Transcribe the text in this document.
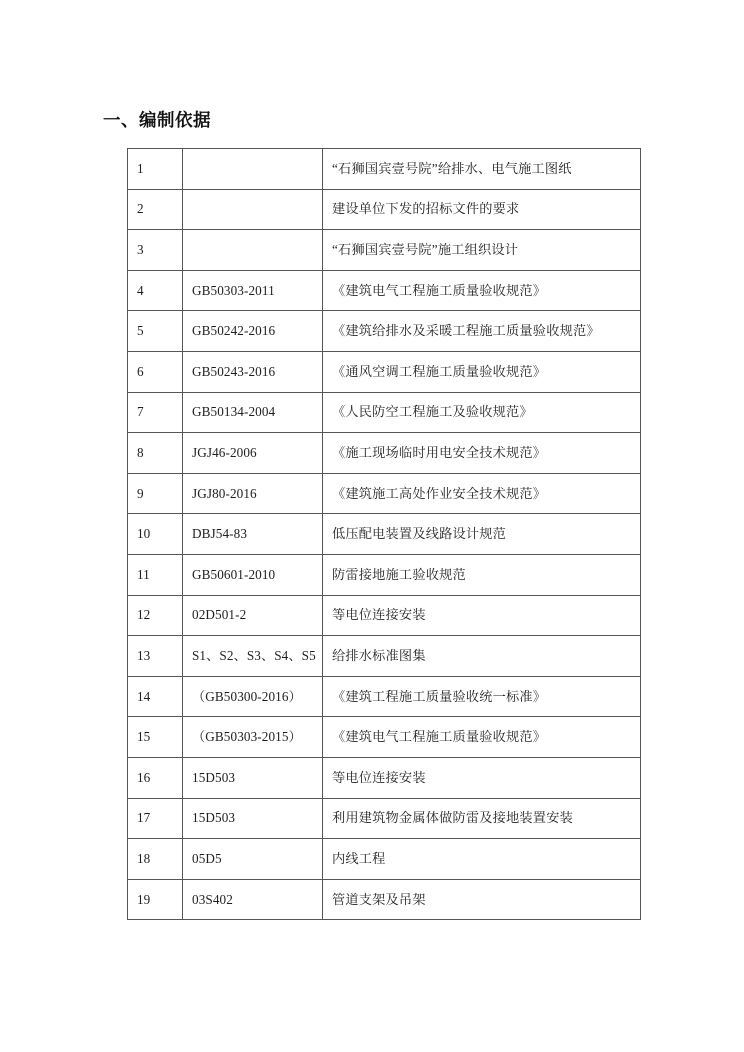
一、编制依据
1		“石狮国宾壹号院”给排水、电气施工图纸
2		建设单位下发的招标文件的要求
3		“石狮国宾壹号院”施工组织设计
4	GB50303-2011	《建筑电气工程施工质量验收规范》
5	GB50242-2016	《建筑给排水及采暖工程施工质量验收规范》
6	GB50243-2016	《通风空调工程施工质量验收规范》
7	GB50134-2004	《人民防空工程施工及验收规范》
8	JGJ46-2006	《施工现场临时用电安全技术规范》
9	JGJ80-2016	《建筑施工高处作业安全技术规范》
10	DBJ54-83	低压配电装置及线路设计规范
11	GB50601-2010	防雷接地施工验收规范
12	02D501-2	等电位连接安装
13	S1、S2、S3、S4、S5	给排水标准图集
14	（GB50300-2016）	《建筑工程施工质量验收统一标准》
15	（GB50303-2015）	《建筑电气工程施工质量验收规范》
16	15D503	等电位连接安装
17	15D503	利用建筑物金属体做防雷及接地装置安装
18	05D5	内线工程
19	03S402	管道支架及吊架
